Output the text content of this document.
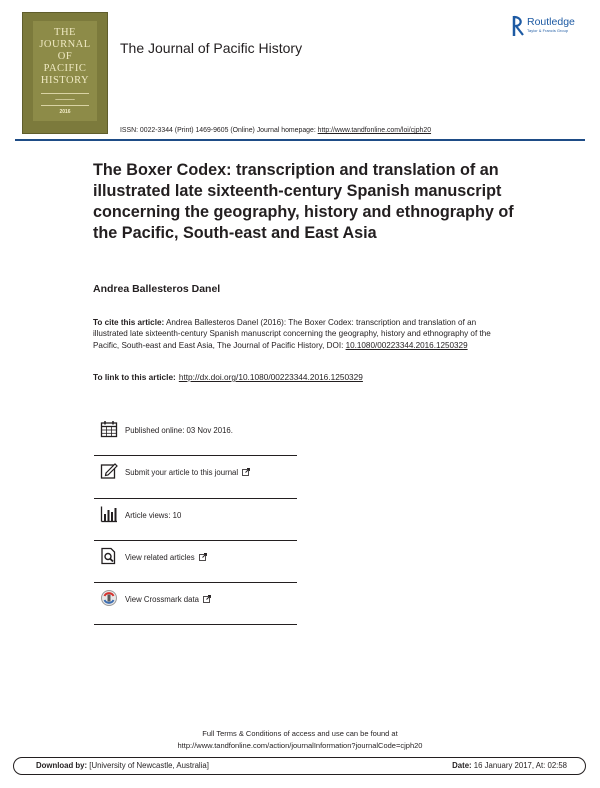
THE
JOURNAL
OF
PACIFIC
HISTORY
━━━━━━━━
2016
The Journal of Pacific History
Routledge
Taylor & Francis Group
ISSN: 0022-3344 (Print) 1469-9605 (Online) Journal homepage: http://www.tandfonline.com/loi/cjph20
The Boxer Codex: transcription and translation of an illustrated late sixteenth-century Spanish manuscript concerning the geography, history and ethnography of the Pacific, South-east and East Asia
Andrea Ballesteros Danel
To cite this article: Andrea Ballesteros Danel (2016): The Boxer Codex: transcription and translation of an illustrated late sixteenth-century Spanish manuscript concerning the geography, history and ethnography of the Pacific, South-east and East Asia, The Journal of Pacific History, DOI: 10.1080/00223344.2016.1250329
To link to this article: http://dx.doi.org/10.1080/00223344.2016.1250329
Published online: 03 Nov 2016.
Submit your article to this journal
Article views: 10
View related articles
View Crossmark data
Full Terms & Conditions of access and use can be found at
http://www.tandfonline.com/action/journalInformation?journalCode=cjph20
Download by: [University of Newcastle, Australia]	Date: 16 January 2017, At: 02:58
